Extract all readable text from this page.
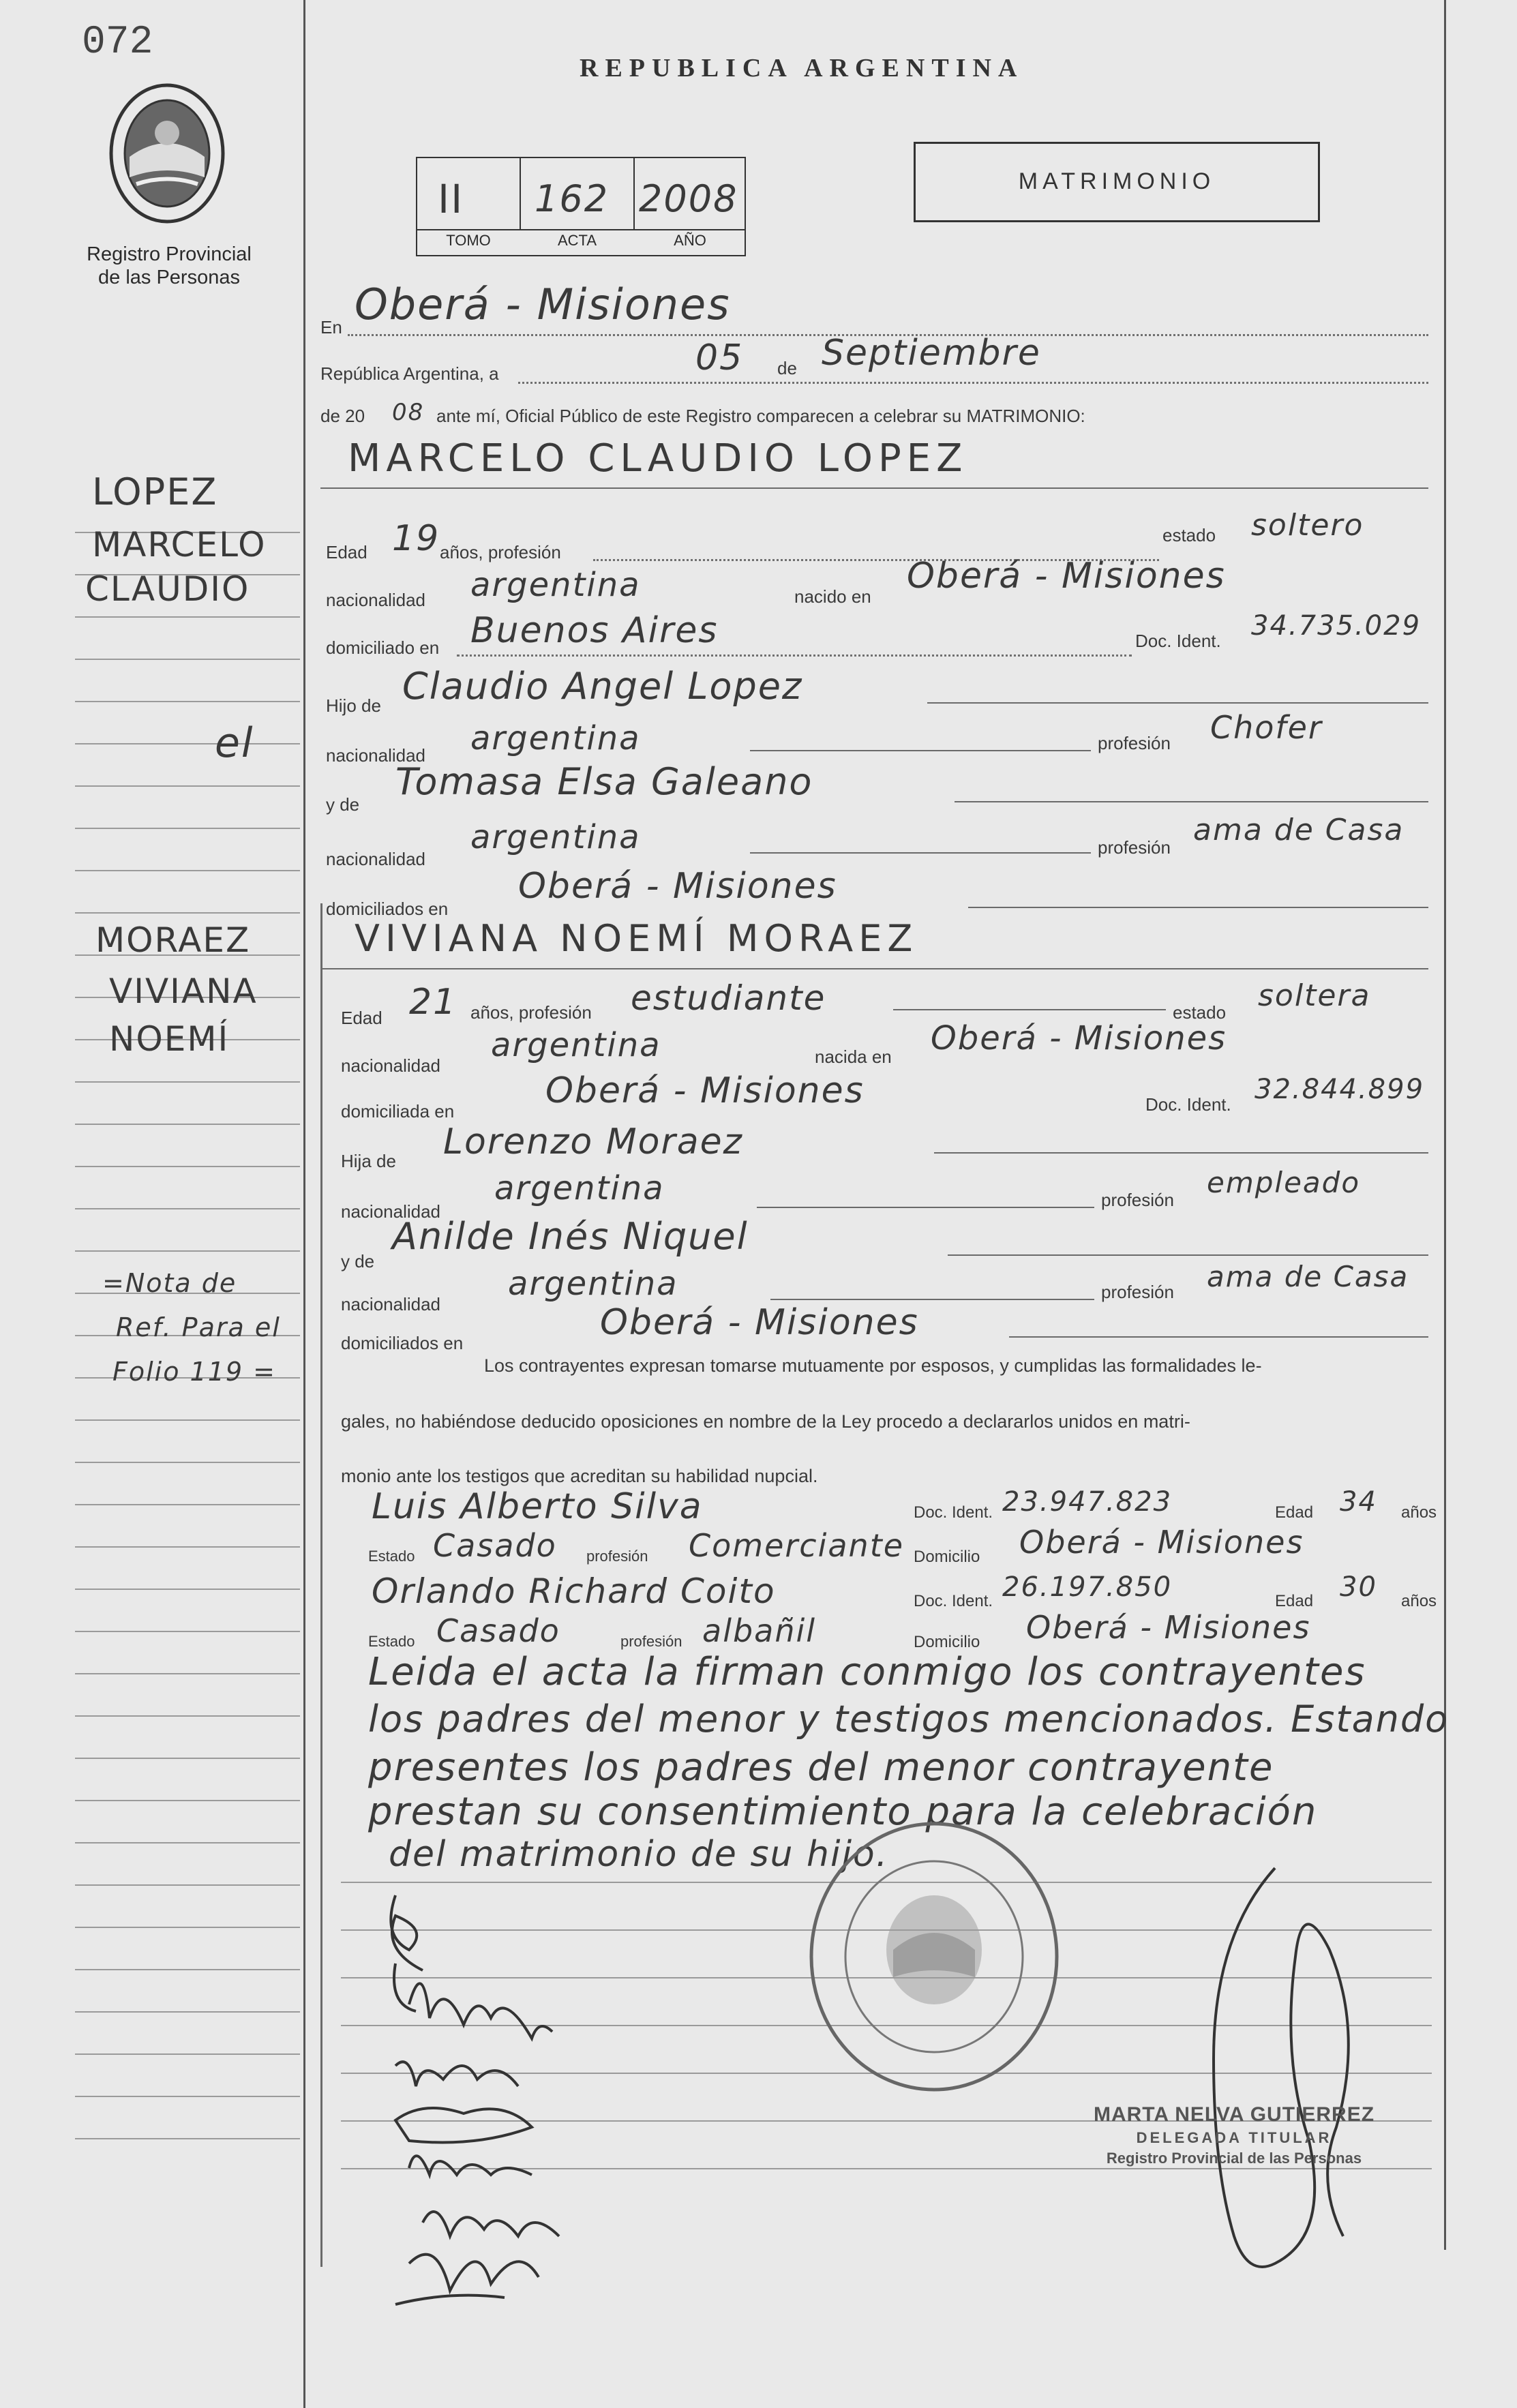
072
Registro Provincial
de las Personas
REPUBLICA ARGENTINA
MATRIMONIO
II 162 2008
TOMO	ACTA	AÑO
En Oberá - Misiones
República Argentina, a	05 de Septiembre
de 20 08 ante mí, Oficial Público de este Registro comparecen a celebrar su MATRIMONIO:
MARCELO CLAUDIO LOPEZ
Edad 19 años, profesión
estado soltero
nacionalidad argentina	nacido en Oberá - Misiones
domiciliado en Buenos Aires	Doc. Ident. 34.735.029
Hijo de Claudio Angel Lopez
nacionalidad argentina	profesión Chofer
y de
Tomasa Elsa Galeano
nacionalidad
argentina	profesión ama de Casa
domiciliados en
Oberá - Misiones
VIVIANA NOEMÍ MORAEZ
Edad 21 años, profesión estudiante	estado soltera
nacionalidad
argentina	nacida en Oberá - Misiones
domiciliada en	Oberá - Misiones	Doc. Ident. 32.844.899
Hija de Lorenzo Moraez
nacionalidad
argentina	profesión
empleado
y de
Anilde Inés Niquel
nacionalidad
argentina	profesión ama de Casa
domiciliados en	Oberá - Misiones
Los contrayentes expresan tomarse mutuamente por esposos, y cumplidas las formalidades le-
gales, no habiéndose deducido oposiciones en nombre de la Ley procedo a declararlos unidos en matri-
monio ante los testigos que acreditan su habilidad nupcial.
Luis Alberto Silva	Doc. Ident. 23.947.823	Edad 34 años
Estado Casado profesión Comerciante Domicilio Oberá - Misiones
Orlando Richard Coito	Doc. Ident. 26.197.850	Edad 30 años
Estado Casado	profesión albañil	Domicilio Oberá - Misiones
Leida el acta la firman conmigo los contrayentes
los padres del menor y testigos mencionados. Estando
presentes los padres del menor contrayente
prestan su consentimiento para la celebración
del matrimonio de su hijo.
LOPEZ
MARCELO
CLAUDIO
el
MORAEZ
VIVIANA
NOEMÍ
=Nota de
Ref. Para el
Folio 119 =
MARTA NELVA GUTIERREZ
DELEGADA TITULAR
Registro Provincial de las Personas
